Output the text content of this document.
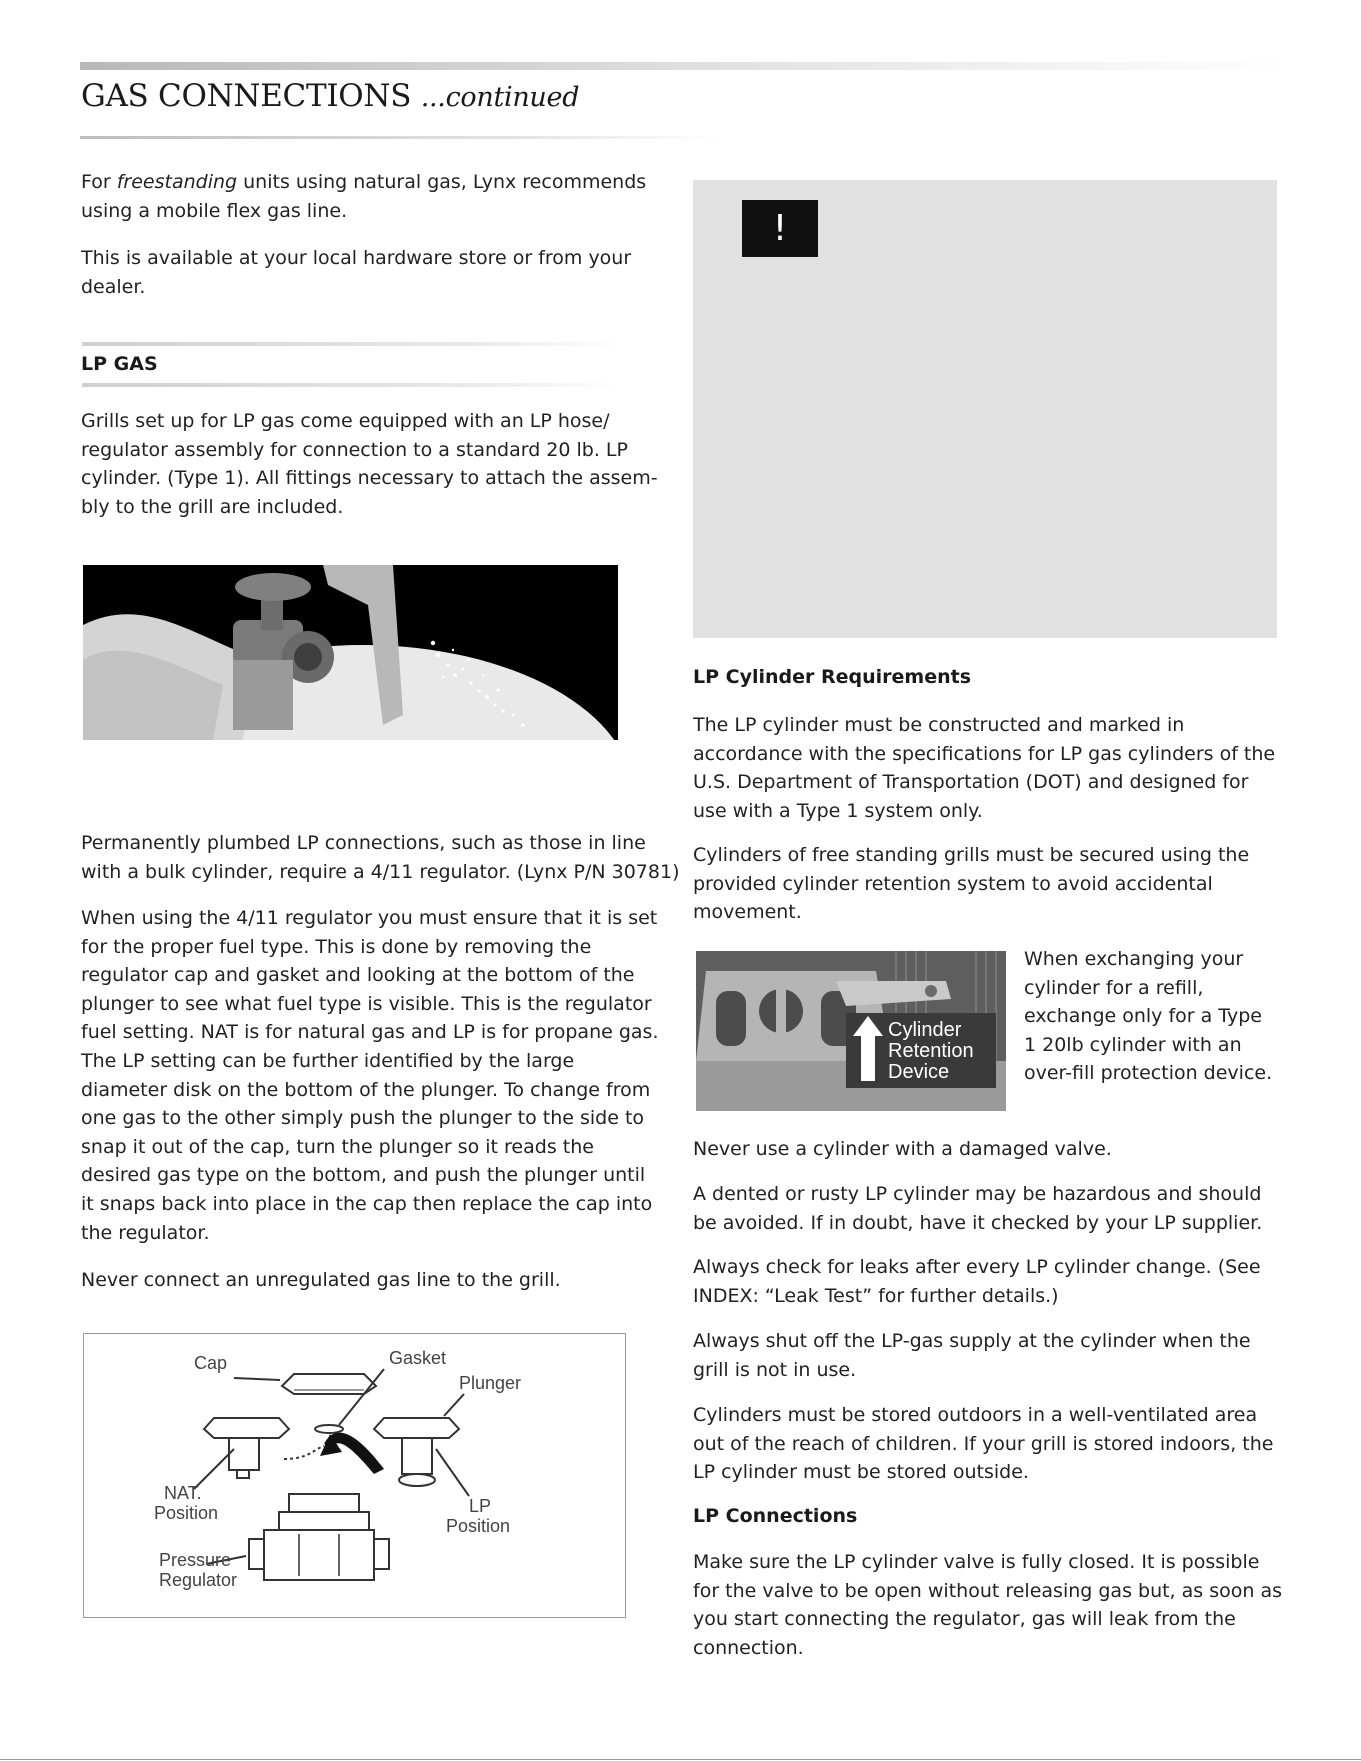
GAS CONNECTIONS ...continued

For freestanding units using natural gas, Lynx recommends using a mobile flex gas line.

This is available at your local hardware store or from your dealer.

LP GAS

Grills set up for LP gas come equipped with an LP hose/ regulator assembly for connection to a standard 20 lb. LP cylinder. (Type 1). All fittings necessary to attach the assem-bly to the grill are included.

Permanently plumbed LP connections, such as those in line with a bulk cylinder, require a 4/11 regulator. (Lynx P/N 30781)

When using the 4/11 regulator you must ensure that it is set for the proper fuel type. This is done by removing the regulator cap and gasket and looking at the bottom of the plunger to see what fuel type is visible. This is the regulator fuel setting. NAT is for natural gas and LP is for propane gas. The LP setting can be further identified by the large diameter disk on the bottom of the plunger. To change from one gas to the other simply push the plunger to the side to snap it out of the cap, turn the plunger so it reads the desired gas type on the bottom, and push the plunger until it snaps back into place in the cap then replace the cap into the regulator.

Never connect an unregulated gas line to the grill.

Cap	Gasket
Plunger
NAT.
Position	LP
Position
Pressure
Regulator
!
LP Cylinder Requirements

The LP cylinder must be constructed and marked in accordance with the specifications for LP gas cylinders of the U.S. Department of Transportation (DOT) and designed for use with a Type 1 system only.

Cylinders of free standing grills must be secured using the provided cylinder retention system to avoid accidental movement.

Cylinder
Retention
Device

When exchanging your cylinder for a refill, exchange only for a Type 1 20lb cylinder with an over-fill protection device.

Never use a cylinder with a damaged valve.

A dented or rusty LP cylinder may be hazardous and should be avoided. If in doubt, have it checked by your LP supplier.

Always check for leaks after every LP cylinder change. (See INDEX: “Leak Test” for further details.)

Always shut off the LP-gas supply at the cylinder when the grill is not in use.

Cylinders must be stored outdoors in a well-ventilated area out of the reach of children. If your grill is stored indoors, the LP cylinder must be stored outside.

LP Connections

Make sure the LP cylinder valve is fully closed. It is possible for the valve to be open without releasing gas but, as soon as you start connecting the regulator, gas will leak from the connection.
